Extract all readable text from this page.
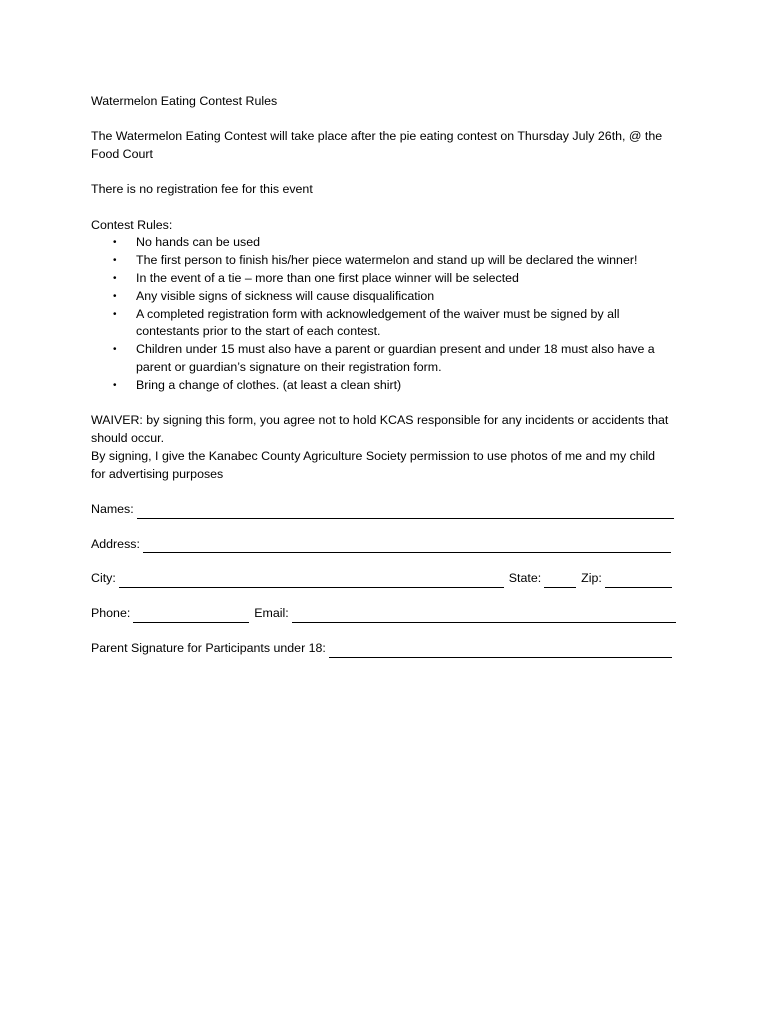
Watermelon Eating Contest Rules

The Watermelon Eating Contest will take place after the pie eating contest on Thursday July 26th, @ the

Food Court

There is no registration fee for this event

Contest Rules:

• No hands can be used
• The first person to finish his/her piece watermelon and stand up will be declared the winner!
• In the event of a tie – more than one first place winner will be selected
• Any visible signs of sickness will cause disqualification
• A completed registration form with acknowledgement of the waiver must be signed by all
contestants prior to the start of each contest.
• Children under 15 must also have a parent or guardian present and under 18 must also have a
parent or guardian’s signature on their registration form.
• Bring a change of clothes. (at least a clean shirt)

WAIVER: by signing this form, you agree not to hold KCAS responsible for any incidents or accidents that

should occur.

By signing, I give the Kanabec County Agriculture Society permission to use photos of me and my child

for advertising purposes

Names:
Address:
City:	State:	Zip:
Phone:	Email:
Parent Signature for Participants under 18:
